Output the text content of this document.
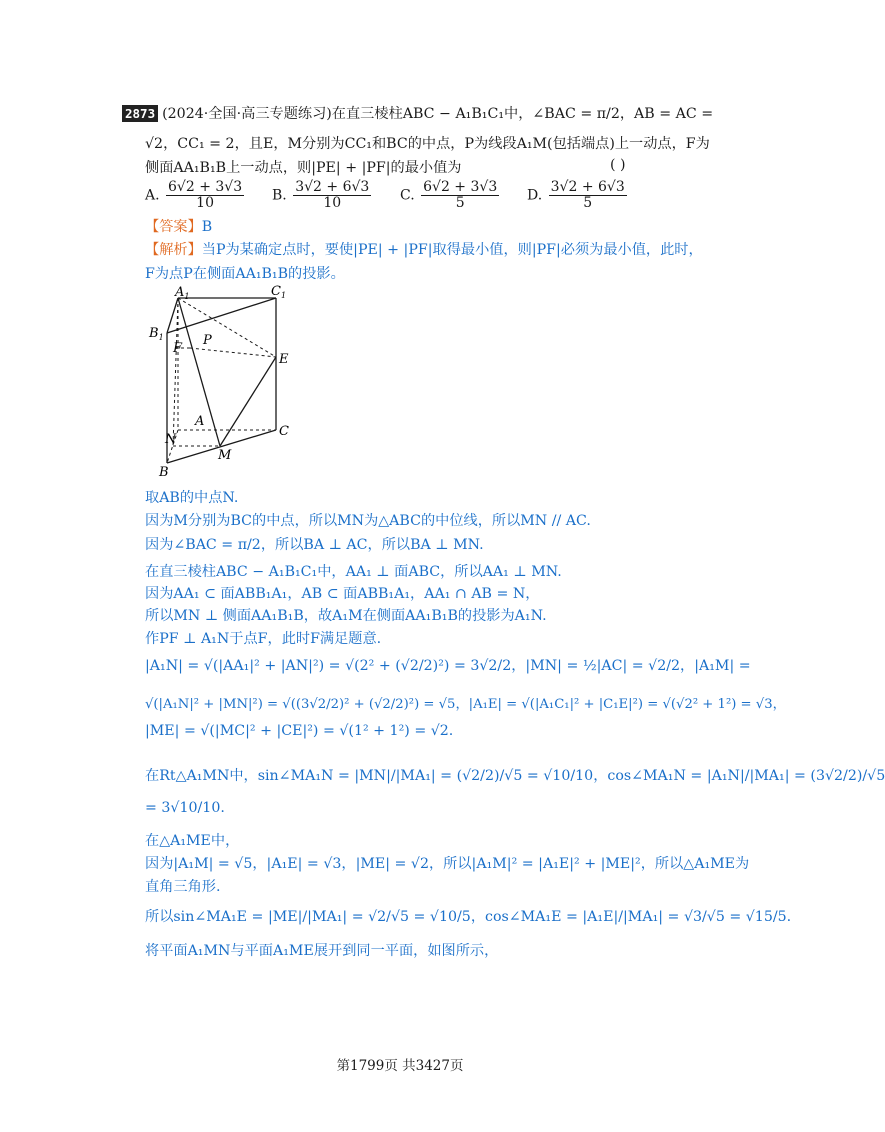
2873 (2024·全国·高三专题练习)在直三棱柱ABC − A₁B₁C₁中，∠BAC = π/2，AB = AC =
√2，CC₁ = 2，且E，M分别为CC₁和BC的中点，P为线段A₁M(包括端点)上一动点，F为
侧面AA₁B₁B上一动点，则|PE| + |PF|的最小值为	( )
A. $\frac{6√2 + 3√3}{10} B$. $\frac{3√2 + 6√3}{10} C$. $\frac{6√2 + 3√3}{5} D$. $\frac{3√2 + 6√3}{5}$
【答案】B
【解析】当P为某确定点时，要使|PE| + |PF|取得最小值，则|PF|必须为最小值，此时，
F为点P在侧面AA₁B₁B的投影。
$A_1$	$C_1$
$B_1$
F
P
E
A
N
M
C
B
取AB的中点N.
因为M分别为BC的中点，所以MN为△ABC的中位线，所以MN // AC.
因为∠BAC = π/2，所以BA ⊥ AC，所以BA ⊥ MN.
在直三棱柱ABC − A₁B₁C₁中，AA₁ ⊥ 面ABC，所以AA₁ ⊥ MN.
因为AA₁ ⊂ 面ABB₁A₁，AB ⊂ 面ABB₁A₁，AA₁ ∩ AB = N，
所以MN ⊥ 侧面AA₁B₁B，故A₁M在侧面AA₁B₁B的投影为A₁N.
作PF ⊥ A₁N于点F，此时F满足题意.
|A₁N| = √(|AA₁|² + |AN|²) = √(2² + (√2/2)²) = 3√2/2，|MN| = ½|AC| = √2/2，|A₁M| =
√(|A₁N|² + |MN|²) = √((3√2/2)² + (√2/2)²) = √5，|A₁E| = √(|A₁C₁|² + |C₁E|²) = √(√2² + 1²) = √3，
|ME| = √(|MC|² + |CE|²) = √(1² + 1²) = √2.
在Rt△A₁MN中，sin∠MA₁N = |MN|/|MA₁| = (√2/2)/√5 = √10/10，cos∠MA₁N = |A₁N|/|MA₁| = (3√2/2)/√5
= 3√10/10.
在△A₁ME中，
因为|A₁M| = √5，|A₁E| = √3，|ME| = √2，所以|A₁M|² = |A₁E|² + |ME|²，所以△A₁ME为
直角三角形.
所以sin∠MA₁E = |ME|/|MA₁| = √2/√5 = √10/5，cos∠MA₁E = |A₁E|/|MA₁| = √3/√5 = √15/5.
将平面A₁MN与平面A₁ME展开到同一平面，如图所示，
第1799页 共3427页
